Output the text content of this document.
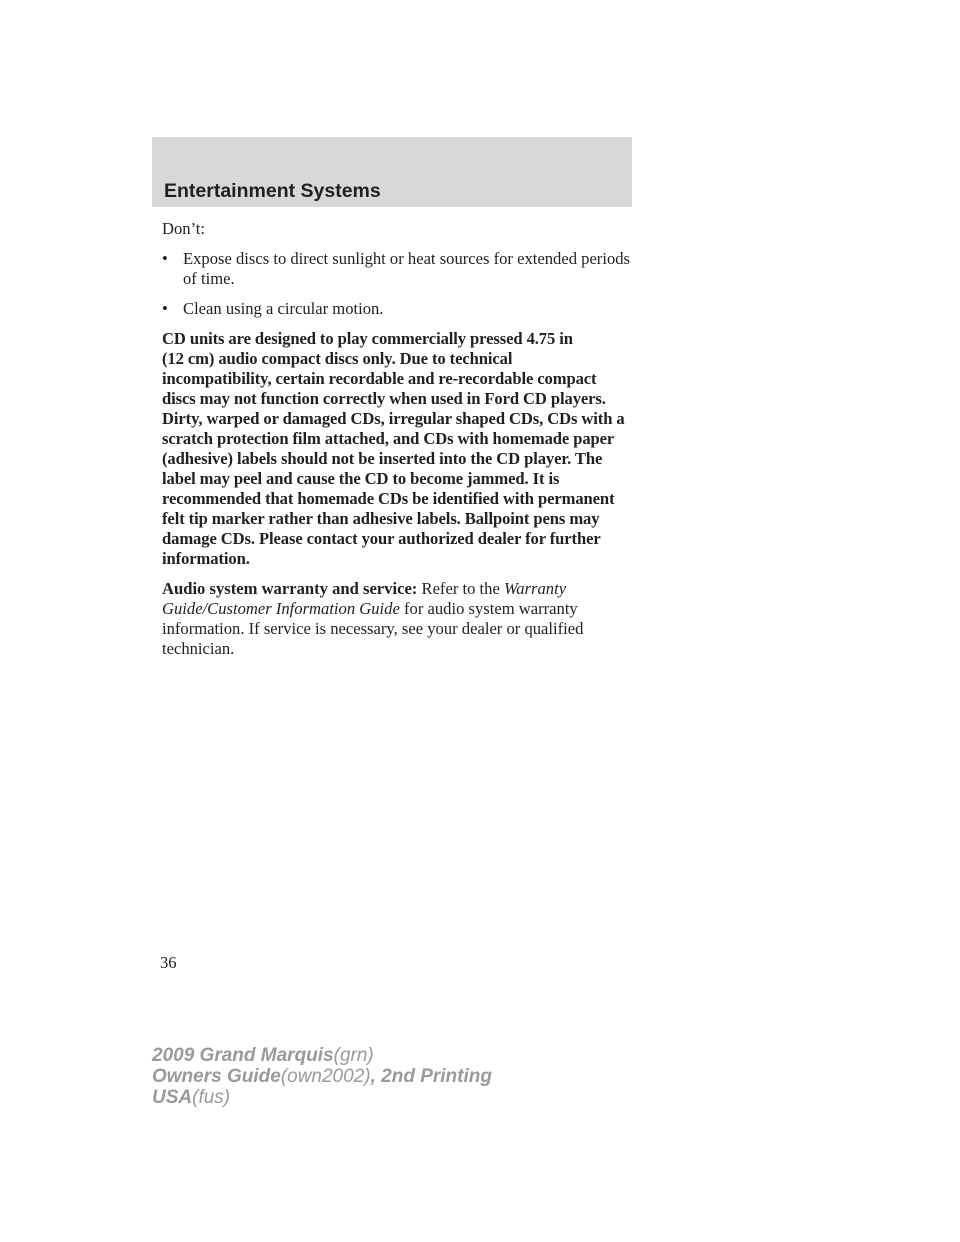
Entertainment Systems

Don’t:

• Expose discs to direct sunlight or heat sources for extended periods
of time.
• Clean using a circular motion.

CD units are designed to play commercially pressed 4.75 in
(12 cm) audio compact discs only. Due to technical
incompatibility, certain recordable and re-recordable compact
discs may not function correctly when used in Ford CD players.
Dirty, warped or damaged CDs, irregular shaped CDs, CDs with a
scratch protection film attached, and CDs with homemade paper
(adhesive) labels should not be inserted into the CD player. The
label may peel and cause the CD to become jammed. It is
recommended that homemade CDs be identified with permanent
felt tip marker rather than adhesive labels. Ballpoint pens may
damage CDs. Please contact your authorized dealer for further
information.

Audio system warranty and service: Refer to the Warranty
Guide/Customer Information Guide for audio system warranty
information. If service is necessary, see your dealer or qualified
technician.

36
2009 Grand Marquis(grn)
Owners Guide(own2002), 2nd Printing
USA(fus)
